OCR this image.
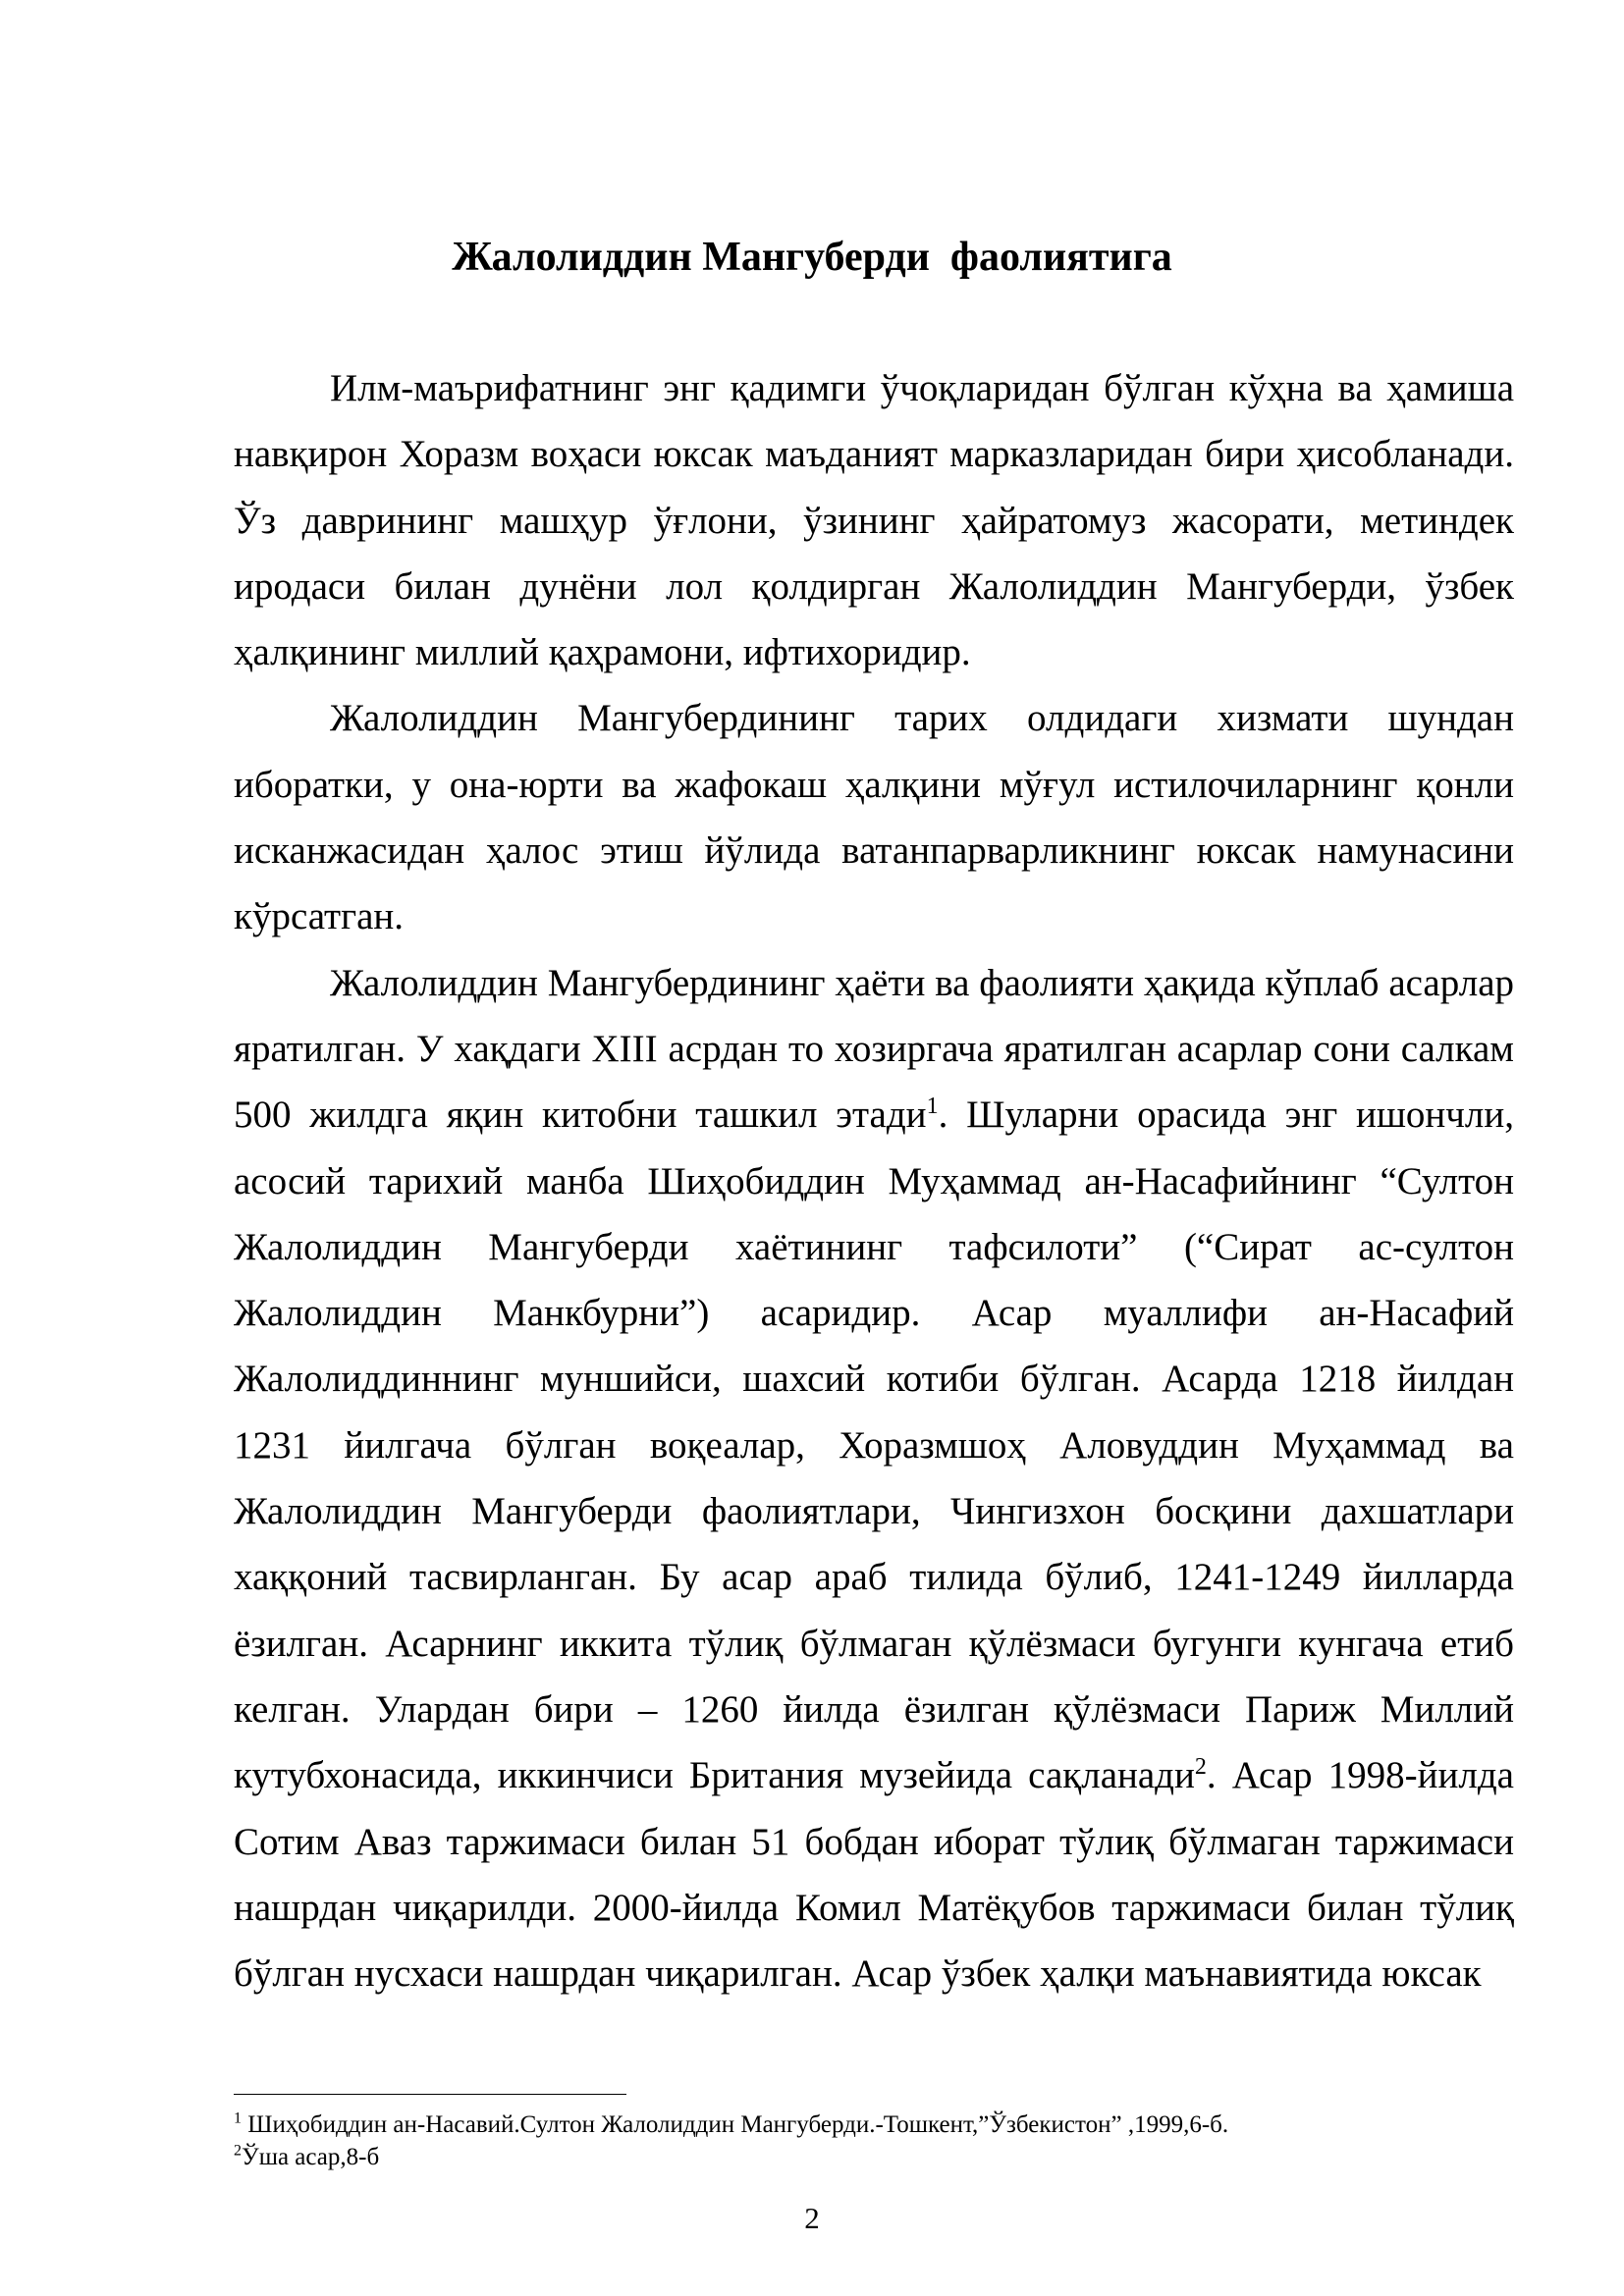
Жалолиддин Мангуберди  фаолиятига

Илм-маърифатнинг энг қадимги ўчоқларидан бўлган кўҳна ва ҳамиша навқирон Хоразм воҳаси юксак маъданият марказларидан бири ҳисобланади. Ўз даврининг машҳур ўғлони, ўзининг ҳайратомуз жасорати, метиндек иродаси билан дунёни лол қолдирган Жалолиддин Мангуберди, ўзбек ҳалқининг миллий қаҳрамони, ифтихоридир.

Жалолиддин Мангубердининг тарих олдидаги хизмати шундан иборатки, у она-юрти ва жафокаш ҳалқини мўғул истилочиларнинг қонли исканжасидан ҳалос этиш йўлида ватанпарварликнинг юксак намунасини кўрсатган.

Жалолиддин Мангубердининг ҳаёти ва фаолияти ҳақида кўплаб асарлар яратилган. У хақдаги XIII асрдан то хозиргача яратилган асарлар сони салкам 500 жилдга яқин китобни ташкил этади$^1$. Шуларни орасида энг ишончли, асосий тарихий манба Шиҳобиддин Муҳаммад ан-Насафийнинг “Султон Жалолиддин Мангуберди хаётининг тафсилоти” (“Сират ас-султон Жалолиддин Манкбурни”) асаридир. Асар муаллифи ан-Насафий Жалолиддиннинг муншийси, шахсий котиби бўлган. Асарда 1218 йилдан 1231 йилгача бўлган воқеалар, Хоразмшоҳ Аловуддин Муҳаммад ва Жалолиддин Мангуберди фаолиятлари, Чингизхон босқини дахшатлари хаққоний тасвирланган. Бу асар араб тилида бўлиб, 1241-1249 йилларда ёзилган. Асарнинг иккита тўлиқ бўлмаган қўлёзмаси бугунги кунгача етиб келган. Улардан бири – 1260 йилда ёзилган қўлёзмаси Париж Миллий кутубхонасида, иккинчиси Британия музейида сақланади$^2$. Асар 1998-йилда Сотим Аваз таржимаси билан 51 бобдан иборат тўлиқ бўлмаган таржимаси нашрдан чиқарилди. 2000-йилда Комил Матёқубов таржимаси билан тўлиқ бўлган нусхаси нашрдан чиқарилган. Асар ўзбек ҳалқи маънавиятида юксак

$^1$ Шиҳобиддин ан-Насавий.Султон Жалолиддин Мангуберди.-Тошкент,”Ўзбекистон” ,1999,6-б.
$^2$Ўша асар,8-б
2
